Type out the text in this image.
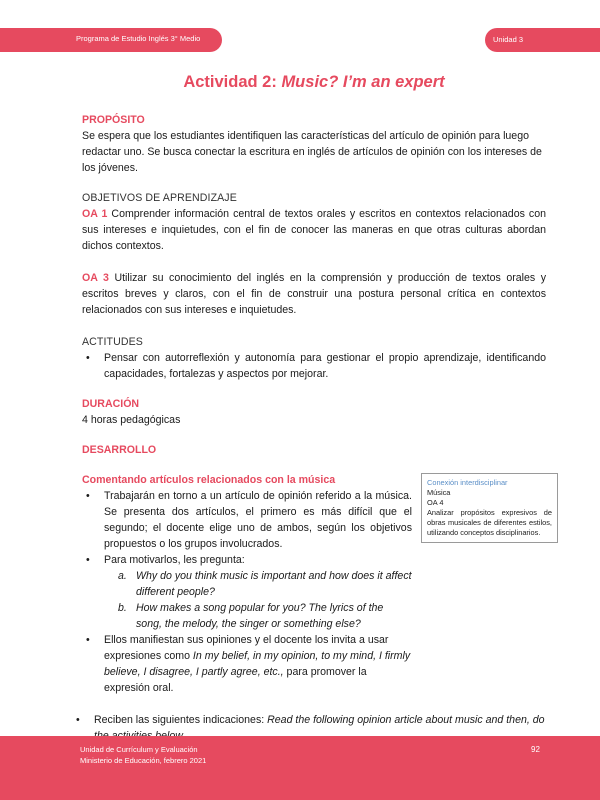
Programa de Estudio Inglés 3° Medio	Unidad 3
Actividad 2: Music? I’m an expert

PROPÓSITO

Se espera que los estudiantes identifiquen las características del artículo de opinión para luego redactar uno. Se busca conectar la escritura en inglés de artículos de opinión con los intereses de los jóvenes.

OBJETIVOS DE APRENDIZAJE

OA 1 Comprender información central de textos orales y escritos en contextos relacionados con sus intereses e inquietudes, con el fin de conocer las maneras en que otras culturas abordan dichos contextos.

OA 3 Utilizar su conocimiento del inglés en la comprensión y producción de textos orales y escritos breves y claros, con el fin de construir una postura personal crítica en contextos relacionados con sus intereses e inquietudes.

ACTITUDES

• Pensar con autorreflexión y autonomía para gestionar el propio aprendizaje, identificando capacidades, fortalezas y aspectos por mejorar.

DURACIÓN

4 horas pedagógicas

DESARROLLO

Comentando artículos relacionados con la música

• Trabajarán en torno a un artículo de opinión referido a la música. Se presenta dos artículos, el primero es más difícil que el segundo; el docente elige uno de ambos, según los objetivos propuestos o los grupos involucrados.
• Para motivarlos, les pregunta:
a. Why do you think music is important and how does it affect different people?
b. How makes a song popular for you? The lyrics of the song, the melody, the singer or something else?
• Ellos manifiestan sus opiniones y el docente los invita a usar expresiones como In my belief, in my opinion, to my mind, I firmly believe, I disagree, I partly agree, etc., para promover la expresión oral.
• Reciben las siguientes indicaciones: Read the following opinion article about music and then, do
Conexión interdisciplinar
Música
OA 4
Analizar propósitos expresivos de obras musicales de diferentes estilos, utilizando conceptos disciplinarios.
Unidad de Currículum y Evaluación
Ministerio de Educación, febrero 2021
92
